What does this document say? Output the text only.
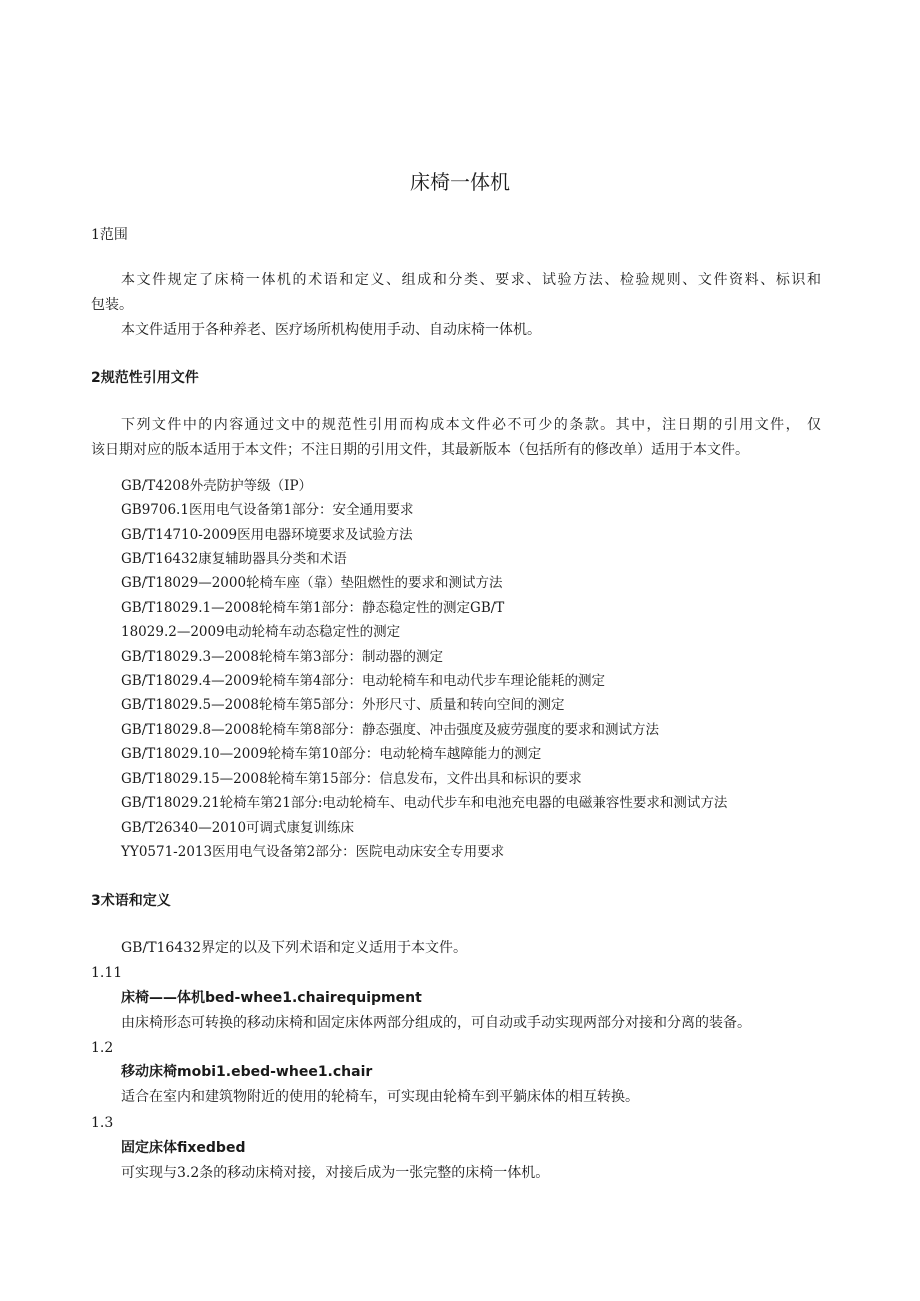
床椅一体机
1范围
本文件规定了床椅一体机的术语和定义、组成和分类、要求、试验方法、检验规则、文件资料、标识和
包装。
本文件适用于各种养老、医疗场所机构使用手动、自动床椅一体机。
2规范性引用文件
下列文件中的内容通过文中的规范性引用而构成本文件必不可少的条款。其中，注日期的引用文件， 仅
该日期对应的版本适用于本文件；不注日期的引用文件，其最新版本（包括所有的修改单）适用于本文件。
GB/T4208外壳防护等级（IP）
GB9706.1医用电气设备第1部分：安全通用要求
GB/T14710-2009医用电器环境要求及试验方法
GB/T16432康复辅助器具分类和术语
GB/T18029—2000轮椅车座（靠）垫阻燃性的要求和测试方法
GB/T18029.1—2008轮椅车第1部分：静态稳定性的测定GB/T
18029.2—2009电动轮椅车动态稳定性的测定
GB/T18029.3—2008轮椅车第3部分：制动器的测定
GB/T18029.4—2009轮椅车第4部分：电动轮椅车和电动代步车理论能耗的测定
GB/T18029.5—2008轮椅车第5部分：外形尺寸、质量和转向空间的测定
GB/T18029.8—2008轮椅车第8部分：静态强度、冲击强度及疲劳强度的要求和测试方法
GB/T18029.10—2009轮椅车第10部分：电动轮椅车越障能力的测定
GB/T18029.15—2008轮椅车第15部分：信息发布，文件出具和标识的要求
GB/T18029.21轮椅车第21部分:电动轮椅车、电动代步车和电池充电器的电磁兼容性要求和测试方法
GB/T26340—2010可调式康复训练床
YY0571-2013医用电气设备第2部分：医院电动床安全专用要求
3术语和定义
GB/T16432界定的以及下列术语和定义适用于本文件。
1.11
床椅——体机bed-whee1.chairequipment
由床椅形态可转换的移动床椅和固定床体两部分组成的，可自动或手动实现两部分对接和分离的装备。
1.2
移动床椅mobi1.ebed-whee1.chair
适合在室内和建筑物附近的使用的轮椅车，可实现由轮椅车到平躺床体的相互转换。
1.3
固定床体fixedbed
可实现与3.2条的移动床椅对接，对接后成为一张完整的床椅一体机。
